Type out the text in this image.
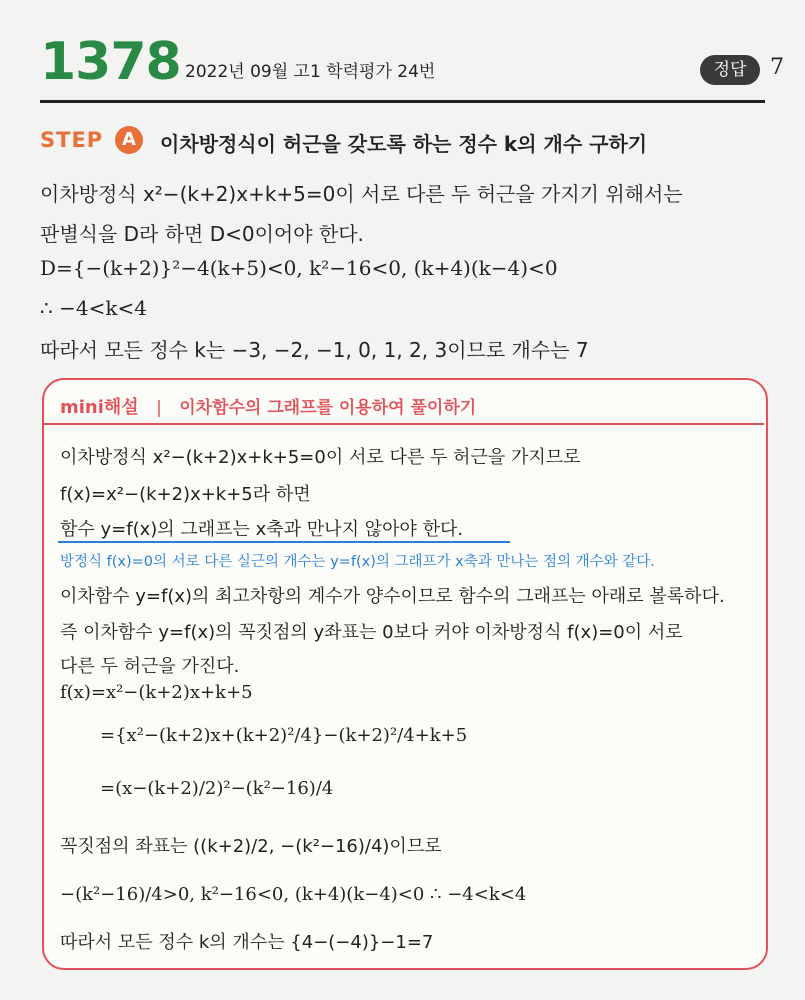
1378 2022년 09월 고1 학력평가 24번	정답	7
STEP	A	이차방정식이 허근을 갖도록 하는 정수 k의 개수 구하기
이차방정식 x²−(k+2)x+k+5=0이 서로 다른 두 허근을 가지기 위해서는
판별식을 D라 하면 D<0이어야 한다.
D={−(k+2)}²−4(k+5)<0, k²−16<0, (k+4)(k−4)<0
∴ −4<k<4
따라서 모든 정수 k는 −3, −2, −1, 0, 1, 2, 3이므로 개수는 7
mini해설 | 이차함수의 그래프를 이용하여 풀이하기
이차방정식 x²−(k+2)x+k+5=0이 서로 다른 두 허근을 가지므로
f(x)=x²−(k+2)x+k+5라 하면
함수 y=f(x)의 그래프는 x축과 만나지 않아야 한다.
방정식 f(x)=0의 서로 다른 실근의 개수는 y=f(x)의 그래프가 x축과 만나는 점의 개수와 같다.
이차함수 y=f(x)의 최고차항의 계수가 양수이므로 함수의 그래프는 아래로 볼록하다.
즉 이차함수 y=f(x)의 꼭짓점의 y좌표는 0보다 커야 이차방정식 f(x)=0이 서로
다른 두 허근을 가진다.
f(x)=x²−(k+2)x+k+5
={x²−(k+2)x+(k+2)²/4}−(k+2)²/4+k+5
=(x−(k+2)/2)²−(k²−16)/4
꼭짓점의 좌표는 ((k+2)/2, −(k²−16)/4)이므로
−(k²−16)/4>0, k²−16<0, (k+4)(k−4)<0 ∴ −4<k<4
따라서 모든 정수 k의 개수는 {4−(−4)}−1=7
